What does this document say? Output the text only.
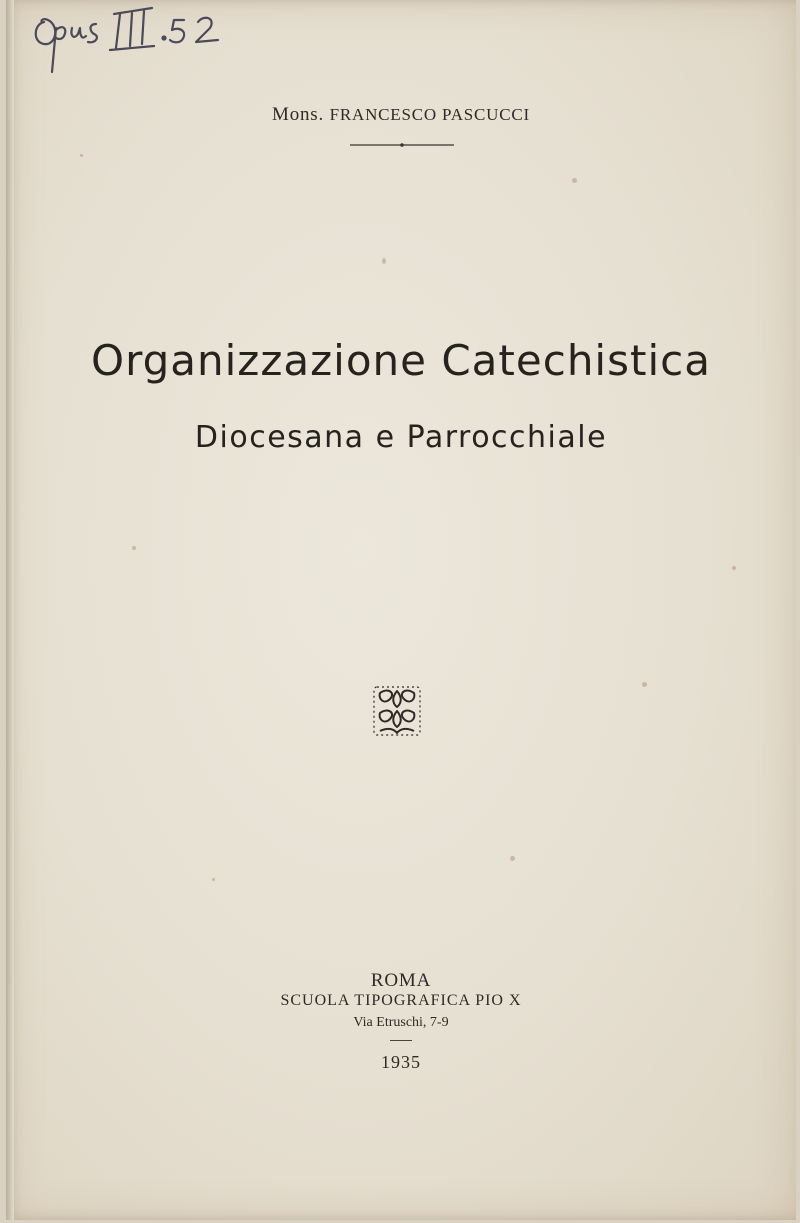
Mons. FRANCESCO PASCUCCI
Organizzazione Catechistica
Diocesana e Parrocchiale
ROMA
SCUOLA TIPOGRAFICA PIO X
Via Etruschi, 7-9
1935
